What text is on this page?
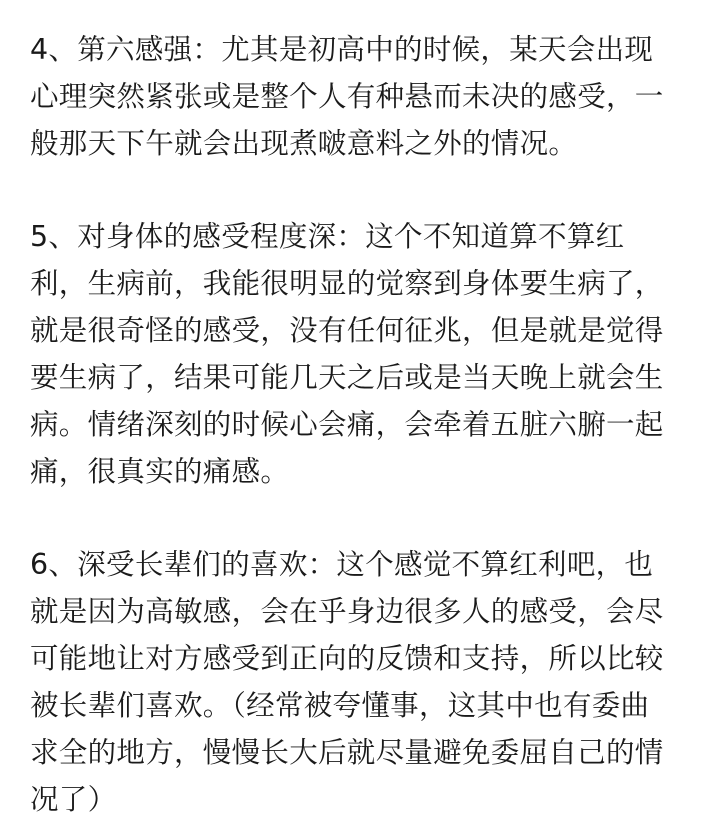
4、第六感强：尤其是初高中的时候，某天会出现
心理突然紧张或是整个人有种悬而未决的感受，一
般那天下午就会出现煮啵意料之外的情况。
5、对身体的感受程度深：这个不知道算不算红
利，生病前，我能很明显的觉察到身体要生病了，
就是很奇怪的感受，没有任何征兆，但是就是觉得
要生病了，结果可能几天之后或是当天晚上就会生
病。情绪深刻的时候心会痛，会牵着五脏六腑一起
痛，很真实的痛感。
6、深受长辈们的喜欢：这个感觉不算红利吧，也
就是因为高敏感，会在乎身边很多人的感受，会尽
可能地让对方感受到正向的反馈和支持，所以比较
被长辈们喜欢。（经常被夸懂事，这其中也有委曲
求全的地方，慢慢长大后就尽量避免委屈自己的情
况了）
